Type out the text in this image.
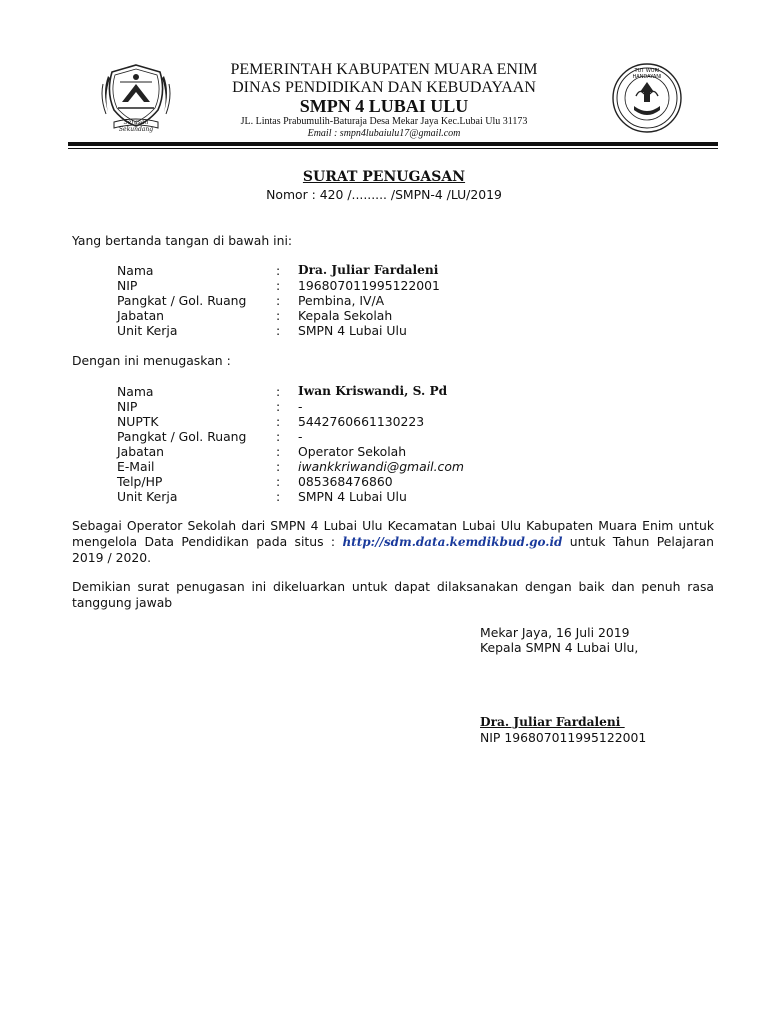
Serasan Sekundang
TUT WURI HANDAYANI
PEMERINTAH KABUPATEN MUARA ENIM
DINAS PENDIDIKAN DAN KEBUDAYAAN
SMPN 4 LUBAI ULU
JL. Lintas Prabumulih-Baturaja Desa Mekar Jaya Kec.Lubai Ulu 31173
Email : smpn4lubaiulu17@gmail.com
SURAT PENUGASAN
Nomor : 420 /......... /SMPN-4 /LU/2019
Yang bertanda tangan di bawah ini:
Nama	: Dra. Juliar Fardaleni
NIP	: 196807011995122001
Pangkat / Gol. Ruang : Pembina, IV/A
Jabatan	: Kepala Sekolah
Unit Kerja	: SMPN 4 Lubai Ulu
Dengan ini menugaskan :
Nama	: Iwan Kriswandi, S. Pd
NIP	: -
NUPTK	: 5442760661130223
Pangkat / Gol. Ruang : -
Jabatan	: Operator Sekolah
E-Mail	: iwankkriwandi@gmail.com
Telp/HP	: 085368476860
Unit Kerja	: SMPN 4 Lubai Ulu
Sebagai Operator Sekolah dari SMPN 4 Lubai Ulu Kecamatan Lubai Ulu Kabupaten Muara Enim untuk mengelola Data Pendidikan pada situs : http://sdm.data.kemdikbud.go.id untuk Tahun Pelajaran 2019 / 2020.
Demikian surat penugasan ini dikeluarkan untuk dapat dilaksanakan dengan baik dan penuh rasa tanggung jawab
Mekar Jaya, 16 Juli 2019
Kepala SMPN 4 Lubai Ulu,
Dra. Juliar Fardaleni
NIP 196807011995122001
